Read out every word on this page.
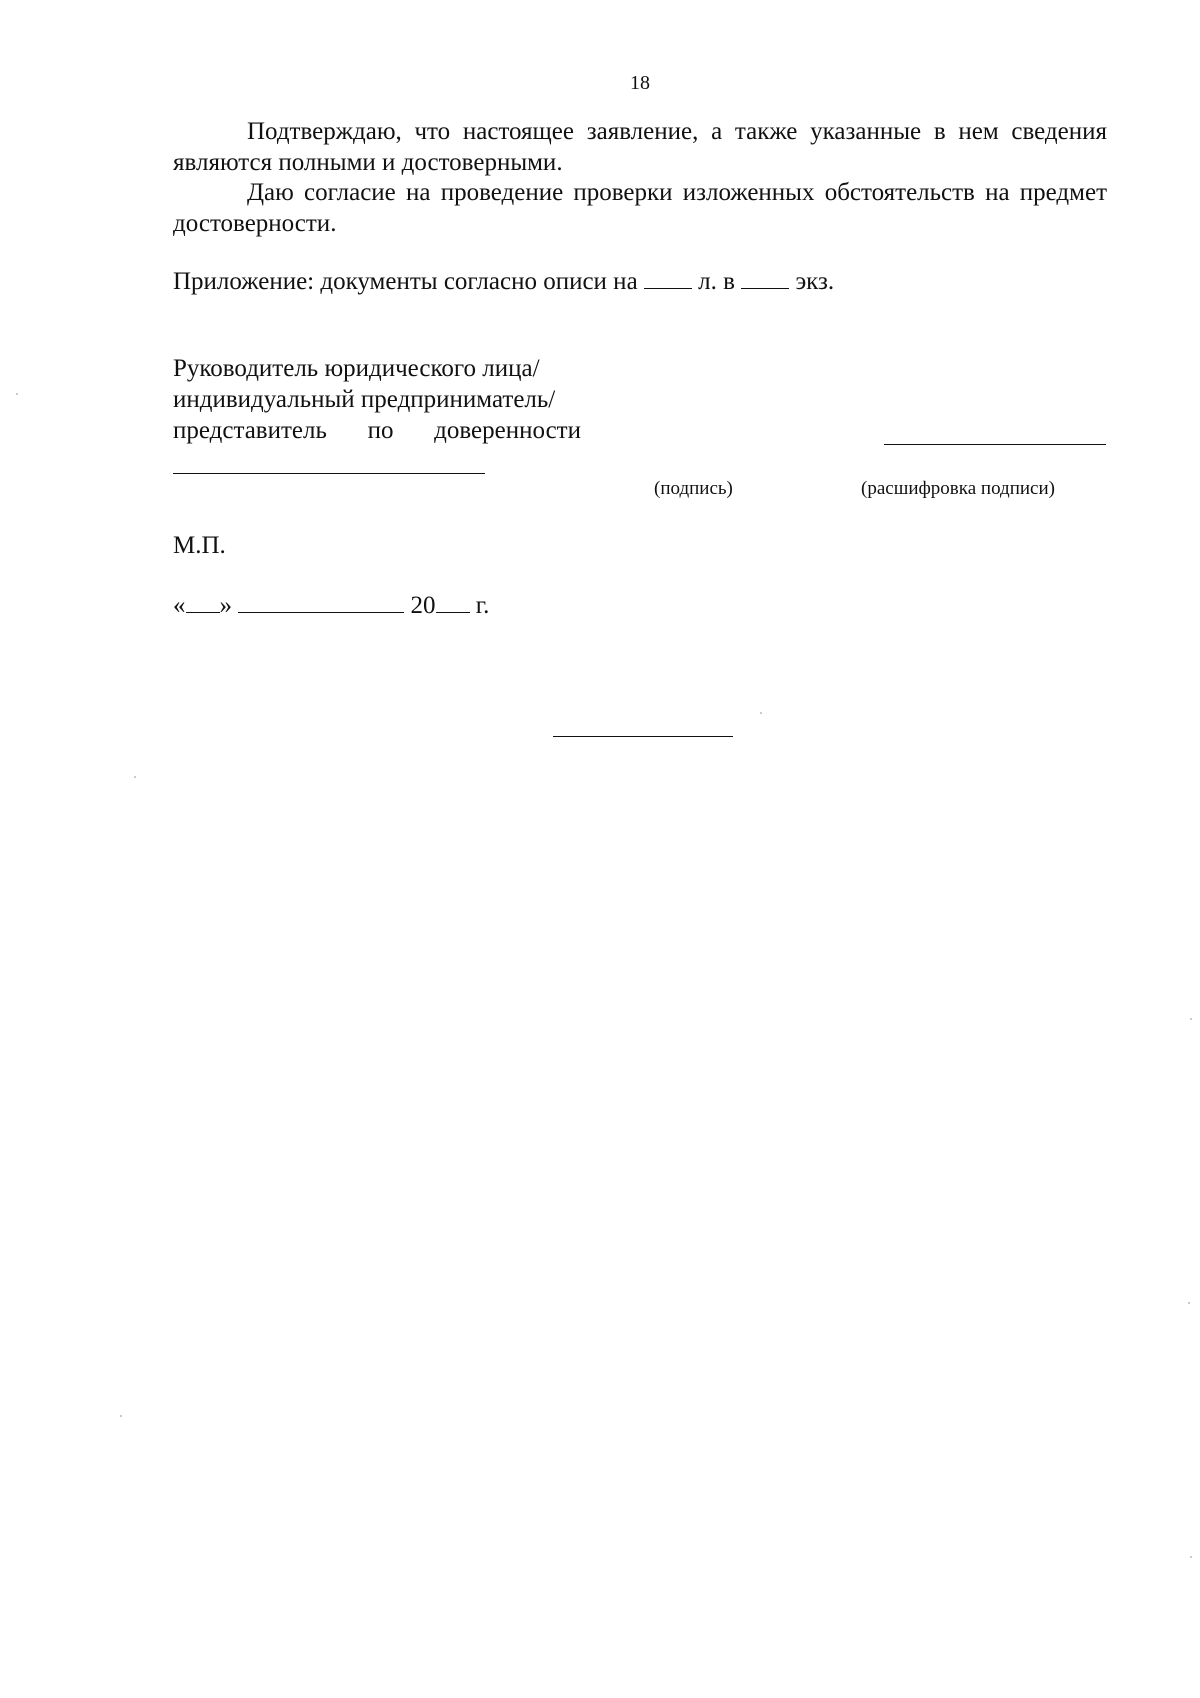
18
Подтверждаю, что настоящее заявление, а также указанные в нем сведения являются полными и достоверными.
Даю согласие на проведение проверки изложенных обстоятельств на предмет достоверности.
Приложение: документы согласно описи на л. в экз.
Руководитель юридического лица/
индивидуальный предприниматель/
представитель по доверенности
(подпись)	(расшифровка подписи)
М.П.
« »	20 г.
